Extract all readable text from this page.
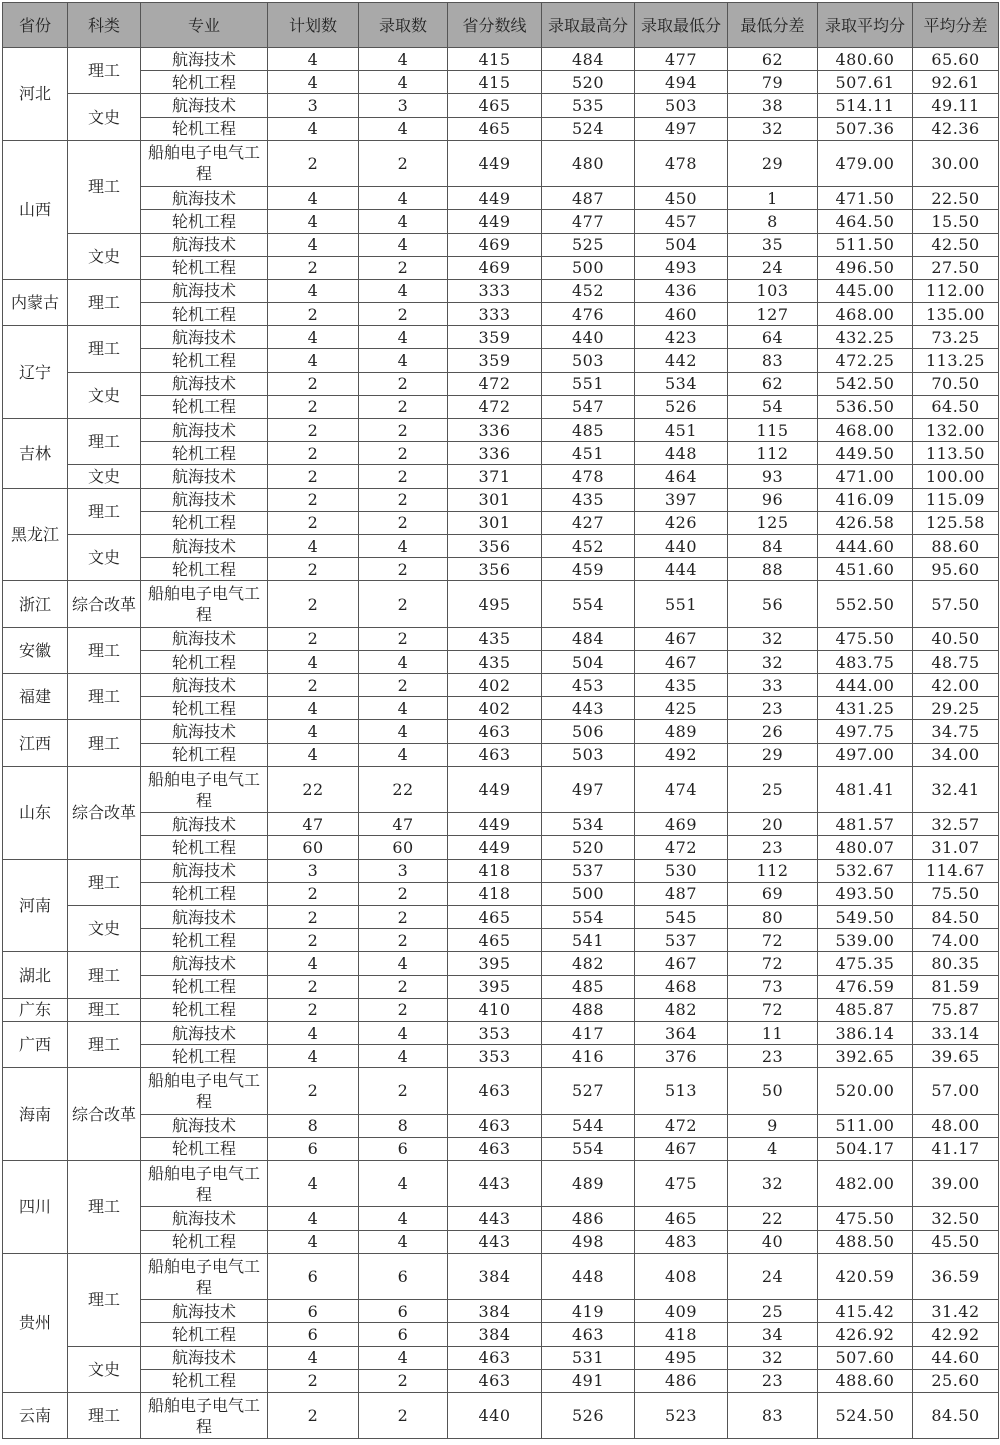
省份	科类	专业	计划数	录取数	省分数线	录取最高分	录取最低分	最低分差	录取平均分	平均分差
河北	理工	航海技术	4	4	415	484	477	62	480.60	65.60
		轮机工程	4	4	415	520	494	79	507.61	92.61
	文史	航海技术	3	3	465	535	503	38	514.11	49.11
		轮机工程	4	4	465	524	497	32	507.36	42.36
山西	理工	船舶电子电气工程	2	2	449	480	478	29	479.00	30.00
		航海技术	4	4	449	487	450	1	471.50	22.50
		轮机工程	4	4	449	477	457	8	464.50	15.50
	文史	航海技术	4	4	469	525	504	35	511.50	42.50
		轮机工程	2	2	469	500	493	24	496.50	27.50
内蒙古	理工	航海技术	4	4	333	452	436	103	445.00	112.00
		轮机工程	2	2	333	476	460	127	468.00	135.00
辽宁	理工	航海技术	4	4	359	440	423	64	432.25	73.25
		轮机工程	4	4	359	503	442	83	472.25	113.25
	文史	航海技术	2	2	472	551	534	62	542.50	70.50
		轮机工程	2	2	472	547	526	54	536.50	64.50
吉林	理工	航海技术	2	2	336	485	451	115	468.00	132.00
		轮机工程	2	2	336	451	448	112	449.50	113.50
	文史	航海技术	2	2	371	478	464	93	471.00	100.00
黑龙江	理工	航海技术	2	2	301	435	397	96	416.09	115.09
		轮机工程	2	2	301	427	426	125	426.58	125.58
	文史	航海技术	4	4	356	452	440	84	444.60	88.60
		轮机工程	2	2	356	459	444	88	451.60	95.60
浙江	综合改革	船舶电子电气工程	2	2	495	554	551	56	552.50	57.50
安徽	理工	航海技术	2	2	435	484	467	32	475.50	40.50
		轮机工程	4	4	435	504	467	32	483.75	48.75
福建	理工	航海技术	2	2	402	453	435	33	444.00	42.00
		轮机工程	4	4	402	443	425	23	431.25	29.25
江西	理工	航海技术	4	4	463	506	489	26	497.75	34.75
		轮机工程	4	4	463	503	492	29	497.00	34.00
山东	综合改革	船舶电子电气工程	22	22	449	497	474	25	481.41	32.41
		航海技术	47	47	449	534	469	20	481.57	32.57
		轮机工程	60	60	449	520	472	23	480.07	31.07
河南	理工	航海技术	3	3	418	537	530	112	532.67	114.67
		轮机工程	2	2	418	500	487	69	493.50	75.50
	文史	航海技术	2	2	465	554	545	80	549.50	84.50
		轮机工程	2	2	465	541	537	72	539.00	74.00
湖北	理工	航海技术	4	4	395	482	467	72	475.35	80.35
		轮机工程	2	2	395	485	468	73	476.59	81.59
广东	理工	轮机工程	2	2	410	488	482	72	485.87	75.87
广西	理工	航海技术	4	4	353	417	364	11	386.14	33.14
		轮机工程	4	4	353	416	376	23	392.65	39.65
海南	综合改革	船舶电子电气工程	2	2	463	527	513	50	520.00	57.00
		航海技术	8	8	463	544	472	9	511.00	48.00
		轮机工程	6	6	463	554	467	4	504.17	41.17
四川	理工	船舶电子电气工程	4	4	443	489	475	32	482.00	39.00
		航海技术	4	4	443	486	465	22	475.50	32.50
		轮机工程	4	4	443	498	483	40	488.50	45.50
贵州	理工	船舶电子电气工程	6	6	384	448	408	24	420.59	36.59
		航海技术	6	6	384	419	409	25	415.42	31.42
		轮机工程	6	6	384	463	418	34	426.92	42.92
	文史	航海技术	4	4	463	531	495	32	507.60	44.60
		轮机工程	2	2	463	491	486	23	488.60	25.60
云南	理工	船舶电子电气工程	2	2	440	526	523	83	524.50	84.50
